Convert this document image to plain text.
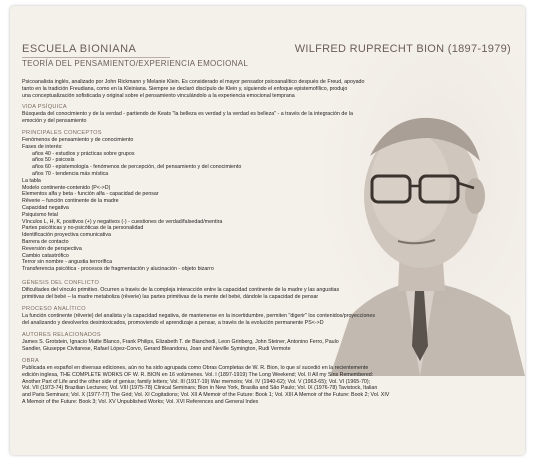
ESCUELA BIONIANA	WILFRED RUPRECHT BION (1897-1979)
TEORÍA DEL PENSAMIENTO/EXPERIENCIA EMOCIONAL
Psicoanalista inglés, analizado por John Rickmann y Melanie Klein. Es considerado el mayor pensador psicoanalítico después de Freud, apoyado
tanto en la tradición Freudiana, como en la Kleiniana. Siempre se declaró discípulo de Klein y, siguiendo el enfoque epistemofílico, produjo
una conceptualización sofisticada y original sobre el pensamiento vinculándolo a la experiencia emocional temprana
VIDA PSÍQUICA
Búsqueda del conocimiento y de la verdad - partiendo de Keats "la belleza es verdad y la verdad es belleza" - a través de la integración de la
emoción y del pensamiento
PRINCIPALES CONCEPTOS
Fenómenos de pensamiento y de conocimiento
Fases de interés:
años 40 - estudios y prácticas sobre grupos
años 50 - psicosis
años 60 - epistemología - fenómenos de percepción, del pensamiento y del conocimiento
años 70 - tendencia más mística
La tabla
Modelo continente-contenido (P<->D)
Elementos alfa y beta - función alfa - capacidad de pensar
Rêverie – función continente de la madre
Capacidad negativa
Psiquismo fetal
Vínculos L, H, K, positivos (+) y negativos (-) - cuestiones de verdad/falsedad/mentira
Partes psicóticas y no-psicóticas de la personalidad
Identificación proyectiva comunicativa
Barrera de contacto
Reversión de perspectiva
Cambio catastrófico
Terror sin nombre - angustia terrorífica
Transferencia psicótica - procesos de fragmentación y alucinación - objeto bizarro
GÉNESIS DEL CONFLICTO
Dificultades del vínculo primitivo. Ocurren a través de la compleja interacción entre la capacidad continente de la madre y las angustias
primitivas del bebé – la madre metaboliza (rêverie) las partes primitivas de la mente del bebé, dándole la capacidad de pensar
PROCESO ANALÍTICO
La función continente (rêverie) del analista y la capacidad negativa, de mantenerse en la incertidumbre, permiten "digerir" los contenidos/proyecciones
del analizando y devolverlos desintoxicados, promoviendo el aprendizaje a pensar, a través de la evolución permanente PS<->D
AUTORES RELACIONADOS
James S. Grotstein, Ignacio Matte Blanco, Frank Philips, Elizabeth T. de Bianchedi, Leon Grinberg, John Steiner, Antonino Ferro, Paulo
Sandler, Giuseppe Civitarese, Rafael López-Corvo, Gerard Bleandonu, Joan and Neville Symington, Rudi Vermote
OBRA
Publicada en español en diversas ediciones, aún no ha sido agrupada como Obras Completas de W. R. Bion, lo que sí sucedió en la recientemente
edición inglesa, THE COMPLETE WORKS OF W. R. BION en 16 volúmenes. Vol. I (1897-1919) The Long Weekend; Vol. II All my Sins Remembered:
Another Part of Life and the other side of genius; family letters; Vol. III (1917-19) War memoirs; Vol. IV (1940-62); Vol. V (1963-65); Vol. VI (1965-70);
Vol. VII (1973-74) Brazilian Lectures; Vol. VIII (1975-78) Clinical Seminars; Bion in New York, Brasilia and São Paulo; Vol. IX (1976-78) Tavistock, Italian
and Paris Seminars; Vol. X (1977-77) The Grid; Vol. XI Cogitations; Vol. XII A Memoir of the Future: Book 1; Vol. XIII A Memoir of the Future: Book 2; Vol. XIV
A Memoir of the Future: Book 3; Vol. XV Unpublished Works; Vol. XVI References and General Index
